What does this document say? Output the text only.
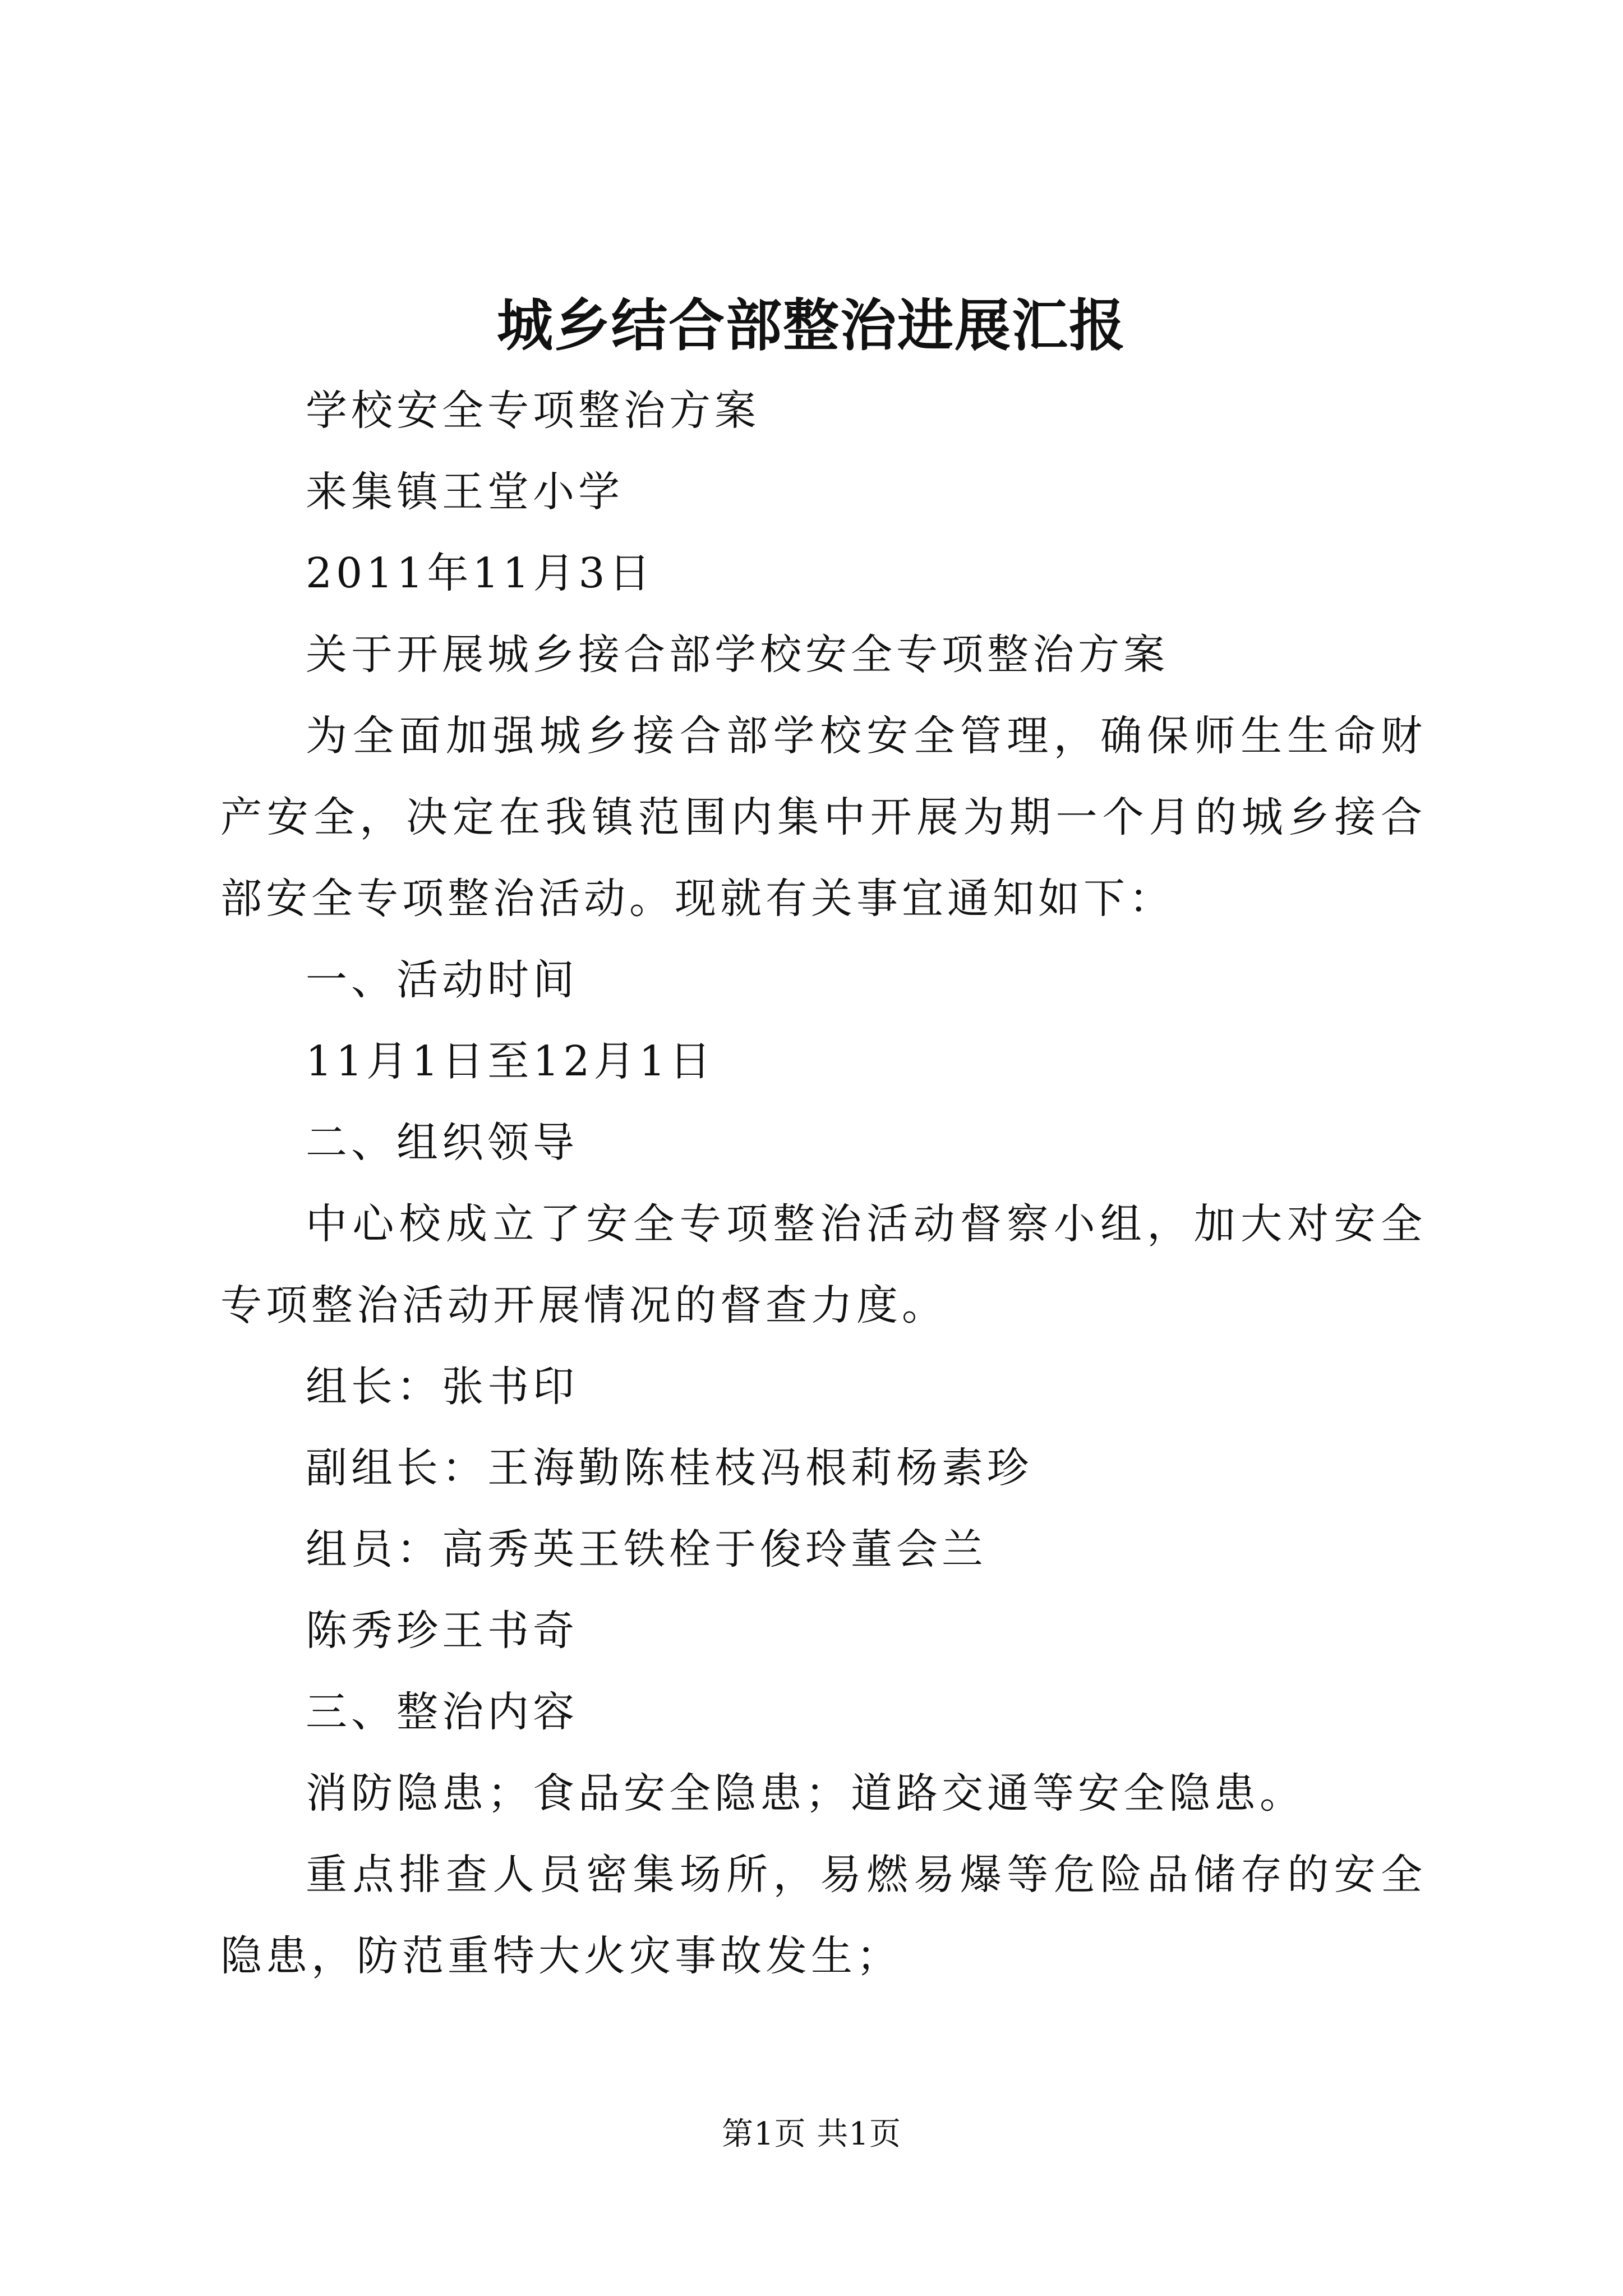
城乡结合部整治进展汇报

学校安全专项整治方案

来集镇王堂小学

2011年11月3日

关于开展城乡接合部学校安全专项整治方案

为全面加强城乡接合部学校安全管理，确保师生生命财产安全，决定在我镇范围内集中开展为期一个月的城乡接合部安全专项整治活动。现就有关事宜通知如下：

一、活动时间

11月1日至12月1日

二、组织领导

中心校成立了安全专项整治活动督察小组，加大对安全专项整治活动开展情况的督查力度。

组长：张书印

副组长：王海勤陈桂枝冯根莉杨素珍

组员：高秀英王铁栓于俊玲董会兰

陈秀珍王书奇

三、整治内容

消防隐患；食品安全隐患；道路交通等安全隐患。

重点排查人员密集场所，易燃易爆等危险品储存的安全隐患，防范重特大火灾事故发生；

第1页 共1页
